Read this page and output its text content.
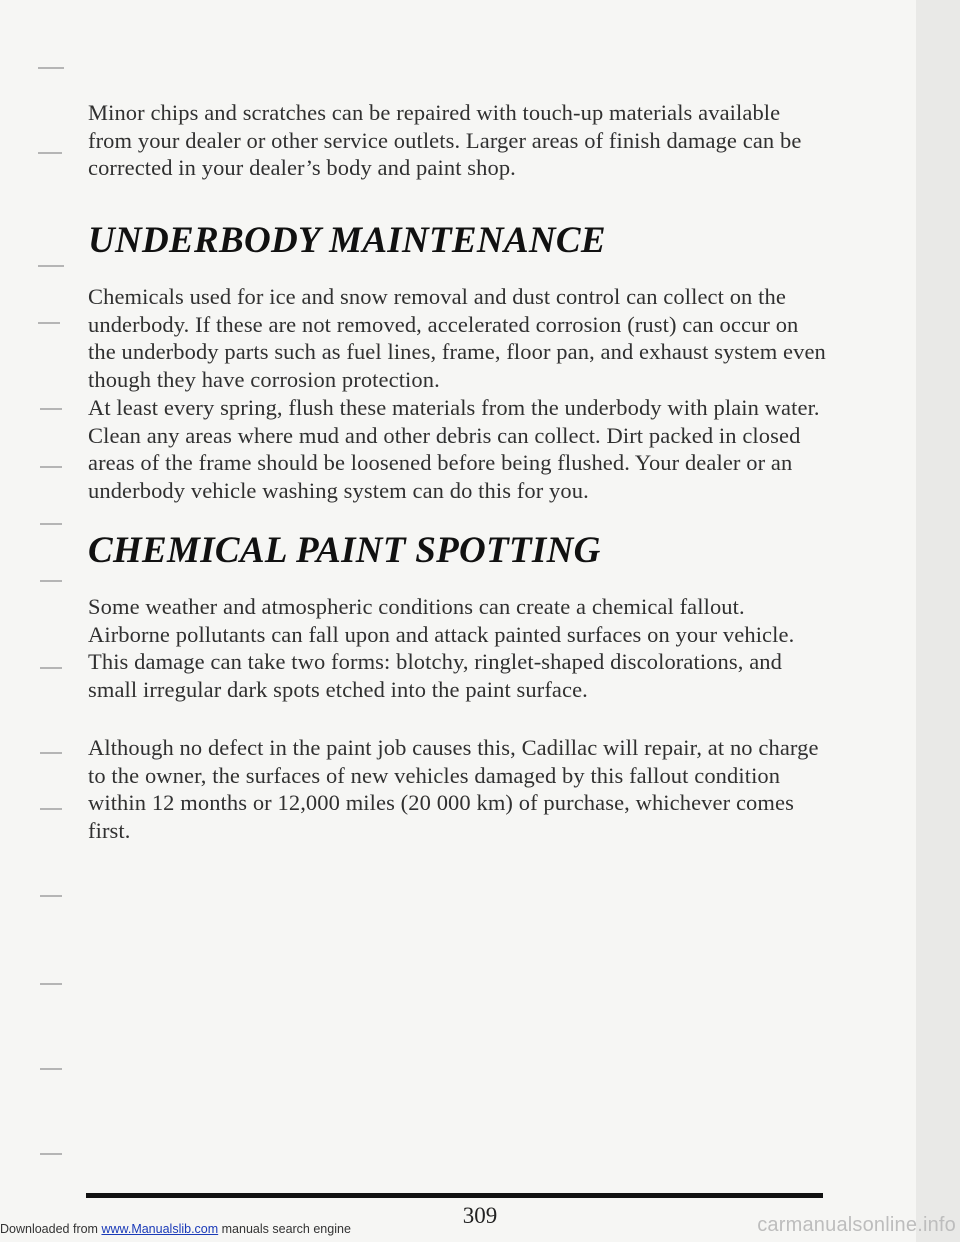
Minor chips and scratches can be repaired with touch-up materials available from your dealer or other service outlets. Larger areas of finish damage can be corrected in your dealer’s body and paint shop.

UNDERBODY MAINTENANCE

Chemicals used for ice and snow removal and dust control can collect on the underbody. If these are not removed, accelerated corrosion (rust) can occur on the underbody parts such as fuel lines, frame, floor pan, and exhaust system even though they have corrosion protection.

At least every spring, flush these materials from the underbody with plain water. Clean any areas where mud and other debris can collect. Dirt packed in closed areas of the frame should be loosened before being flushed. Your dealer or an underbody vehicle washing system can do this for you.

CHEMICAL PAINT SPOTTING

Some weather and atmospheric conditions can create a chemical fallout. Airborne pollutants can fall upon and attack painted surfaces on your vehicle. This damage can take two forms: blotchy, ringlet-shaped discolorations, and small irregular dark spots etched into the paint surface.

Although no defect in the paint job causes this, Cadillac will repair, at no charge to the owner, the surfaces of new vehicles damaged by this fallout condition within 12 months or 12,000 miles (20 000 km) of purchase, whichever comes first.

309
Downloaded from www.Manualslib.com manuals search engine	carmanualsonline.info
